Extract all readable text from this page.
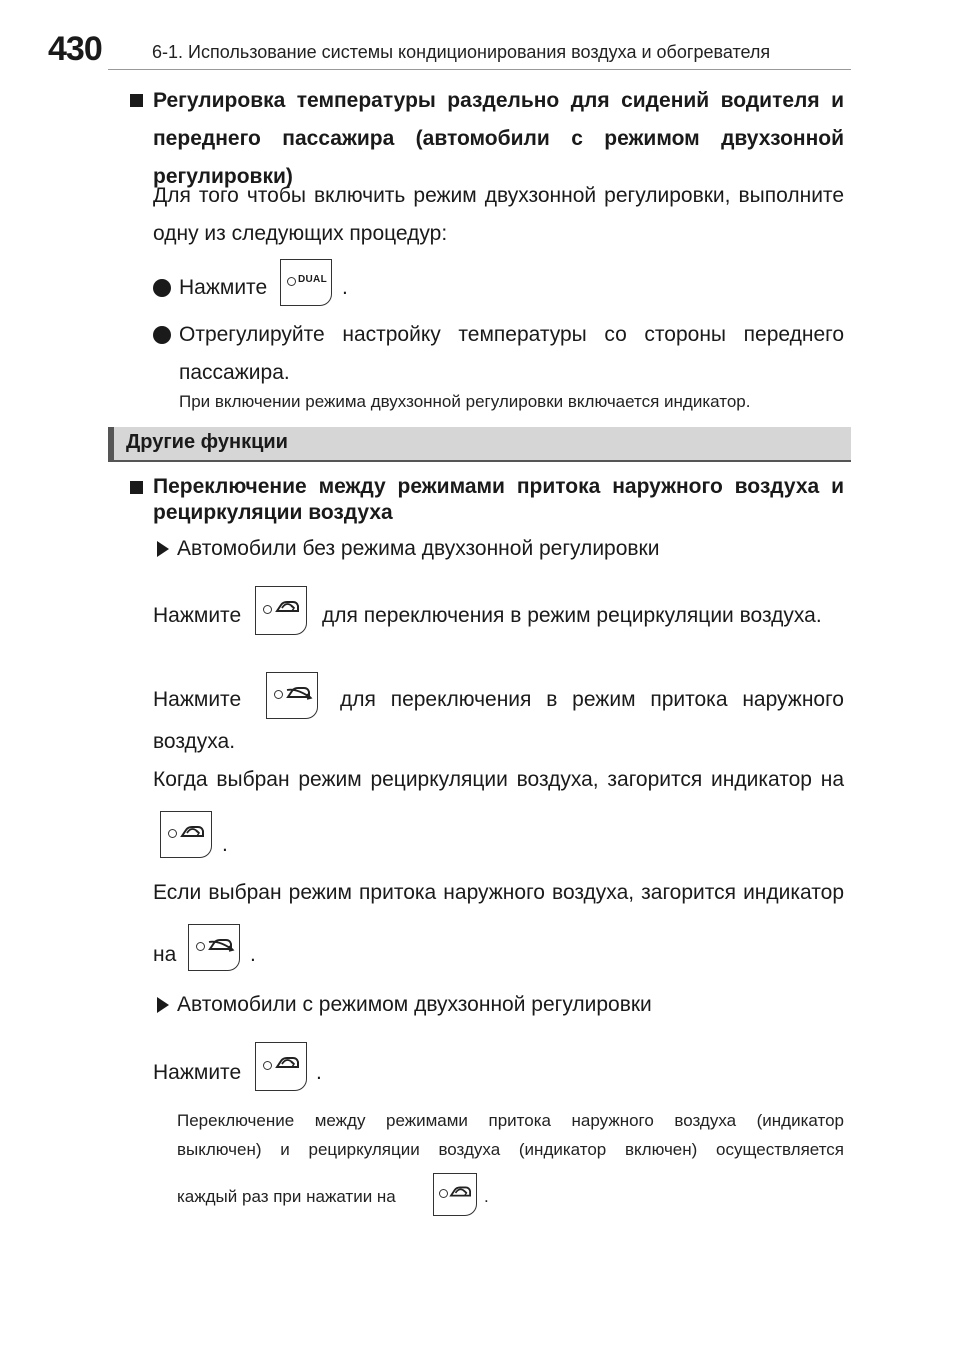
430	6-1. Использование системы кондиционирования воздуха и обогревателя
Регулировка температуры раздельно для сидений водителя и
переднего пассажира (автомобили с режимом двухзонной
регулировки)
Для того чтобы включить режим двухзонной регулировки, выполните
одну из следующих процедур:
Нажмите	DUAL .
Отрегулируйте настройку температуры со стороны переднего
пассажира.
При включении режима двухзонной регулировки включается индикатор.
Другие функции
Переключение между режимами притока наружного воздуха и
рециркуляции воздуха
Автомобили без режима двухзонной регулировки
Нажмите	для переключения в режим рециркуляции воздуха.
Нажмите	для переключения в режим притока наружного
воздуха.
Когда выбран режим рециркуляции воздуха, загорится индикатор на
.
Если выбран режим притока наружного воздуха, загорится индикатор
на	.
Автомобили с режимом двухзонной регулировки
Нажмите	.
Переключение между режимами притока наружного воздуха (индикатор
выключен) и рециркуляции воздуха (индикатор включен) осуществляется
каждый раз при нажатии на	.
